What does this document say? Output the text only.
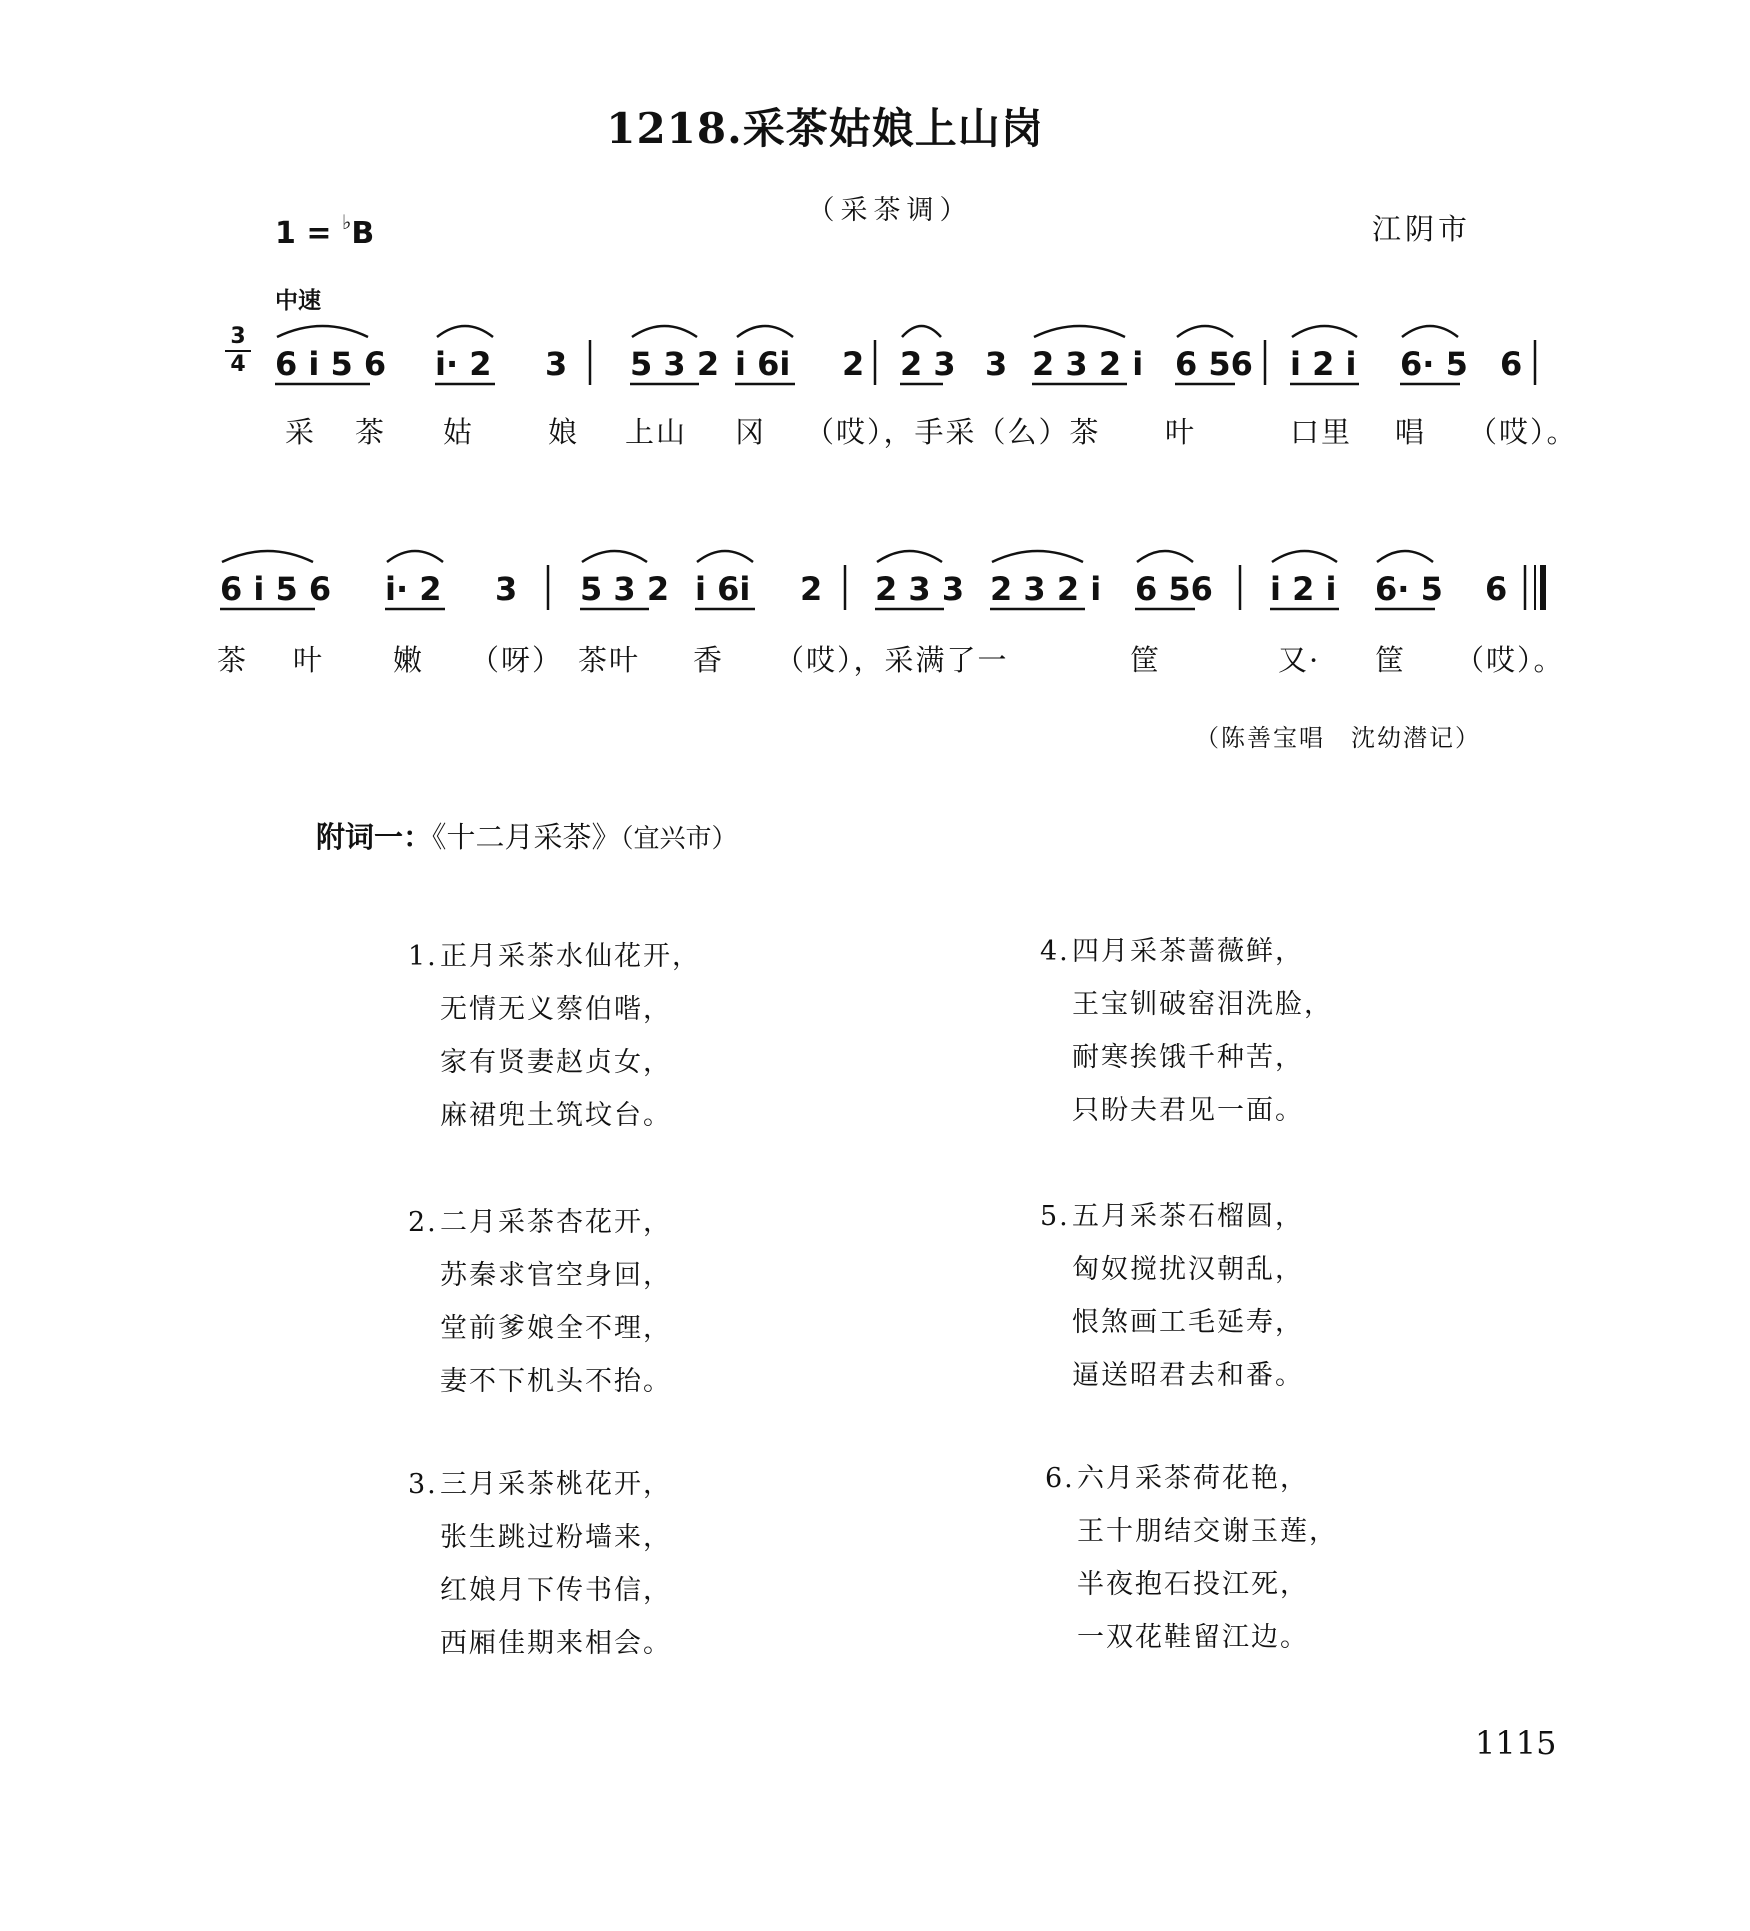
1218.采茶姑娘上山岗
（采茶调）
1 = ♭B	江阴市
中速
3
4 6 i 5 6 i· 2 3 5 3 2 i 6i 2 2 3 3 2 3 2 i 6 56 i 2 i 6· 5 6
采 茶 姑	娘 上山 冈 （哎），手采（么）茶 叶	口里 唱 （哎）。
6 i 5 6 i· 2 3 5 3 2 i 6i 2 2 3 3 2 3 2 i 6 56 i 2 i 6· 5 6
茶 叶 嫩 （呀） 茶叶 香 （哎），采满了一	筐	又· 筐 （哎）。
（陈善宝唱　沈幼潜记）
附词一：《十二月采茶》（宜兴市）
1. 正月采茶水仙花开，
无情无义蔡伯喈，
家有贤妻赵贞女，
麻裙兜土筑坟台。
2. 二月采茶杏花开，
苏秦求官空身回，
堂前爹娘全不理，
妻不下机头不抬。
3. 三月采茶桃花开，
张生跳过粉墙来，
红娘月下传书信，
西厢佳期来相会。
4. 四月采茶蔷薇鲜，
王宝钏破窑泪洗脸，
耐寒挨饿千种苦，
只盼夫君见一面。
5. 五月采茶石榴圆，
匈奴搅扰汉朝乱，
恨煞画工毛延寿，
逼送昭君去和番。
6. 六月采茶荷花艳，
王十朋结交谢玉莲，
半夜抱石投江死，
一双花鞋留江边。
1115
